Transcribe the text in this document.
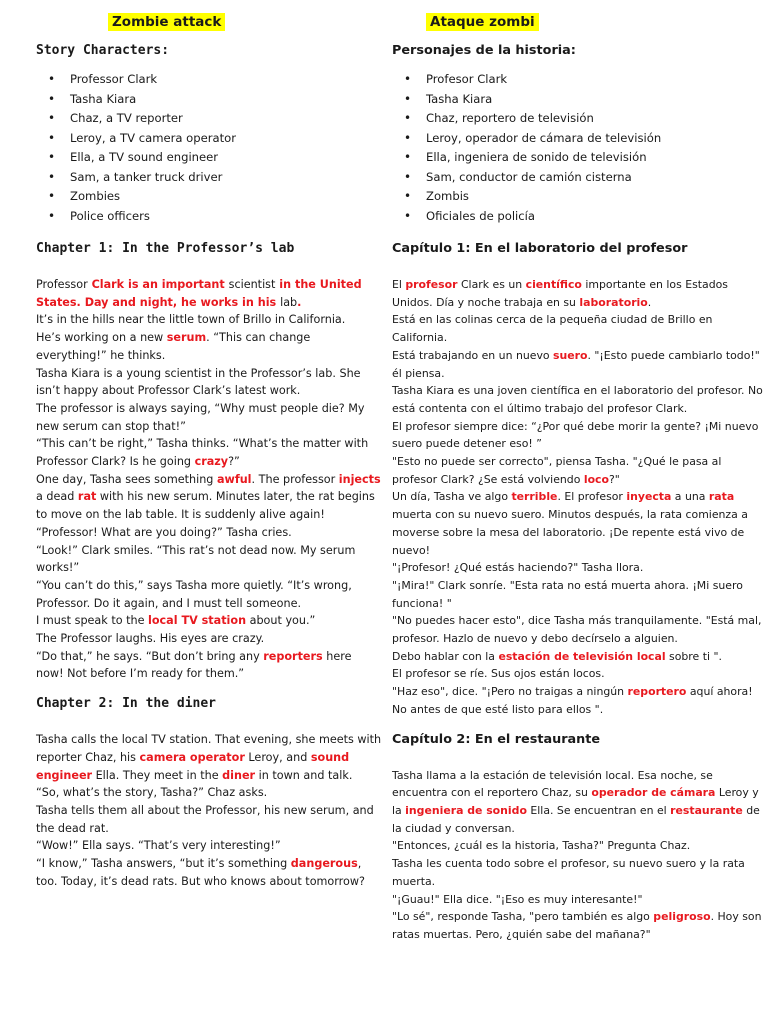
Zombie attack
Story Characters:
• Professor Clark
• Tasha Kiara
• Chaz, a TV reporter
• Leroy, a TV camera operator
• Ella, a TV sound engineer
• Sam, a tanker truck driver
• Zombies
• Police officers
Chapter 1: In the Professor’s lab

Professor Clark is an important scientist in the United States. Day and night, he works in his lab.

It’s in the hills near the little town of Brillo in California.

He’s working on a new serum. “This can change everything!” he thinks.

Tasha Kiara is a young scientist in the Professor’s lab. She isn’t happy about Professor Clark’s latest work.

The professor is always saying, “Why must people die? My new serum can stop that!”

“This can’t be right,” Tasha thinks. “What’s the matter with Professor Clark? Is he going crazy?”

One day, Tasha sees something awful. The professor injects a dead rat with his new serum. Minutes later, the rat begins to move on the lab table. It is suddenly alive again!

“Professor! What are you doing?” Tasha cries.

“Look!” Clark smiles. “This rat’s not dead now. My serum works!”

“You can’t do this,” says Tasha more quietly. “It’s wrong, Professor. Do it again, and I must tell someone.

I must speak to the local TV station about you.”

The Professor laughs. His eyes are crazy.

“Do that,” he says. “But don’t bring any reporters here now! Not before I’m ready for them.”

Chapter 2: In the diner

Tasha calls the local TV station. That evening, she meets with reporter Chaz, his camera operator Leroy, and sound engineer Ella. They meet in the diner in town and talk.

“So, what’s the story, Tasha?” Chaz asks.

Tasha tells them all about the Professor, his new serum, and the dead rat.

“Wow!” Ella says. “That’s very interesting!”

“I know,” Tasha answers, “but it’s something dangerous, too. Today, it’s dead rats. But who knows about tomorrow?

Ataque zombi
Personajes de la historia:
• Profesor Clark
• Tasha Kiara
• Chaz, reportero de televisión
• Leroy, operador de cámara de televisión
• Ella, ingeniera de sonido de televisión
• Sam, conductor de camión cisterna
• Zombis
• Oficiales de policía
Capítulo 1: En el laboratorio del profesor

El profesor Clark es un científico importante en los Estados Unidos. Día y noche trabaja en su laboratorio.

Está en las colinas cerca de la pequeña ciudad de Brillo en California.

Está trabajando en un nuevo suero. "¡Esto puede cambiarlo todo!" él piensa.

Tasha Kiara es una joven científica en el laboratorio del profesor. No está contenta con el último trabajo del profesor Clark.

El profesor siempre dice: “¿Por qué debe morir la gente? ¡Mi nuevo suero puede detener eso! ”

"Esto no puede ser correcto", piensa Tasha. "¿Qué le pasa al profesor Clark? ¿Se está volviendo loco?"

Un día, Tasha ve algo terrible. El profesor inyecta a una rata muerta con su nuevo suero. Minutos después, la rata comienza a moverse sobre la mesa del laboratorio. ¡De repente está vivo de nuevo!

"¡Profesor! ¿Qué estás haciendo?" Tasha llora.

"¡Mira!" Clark sonríe. "Esta rata no está muerta ahora. ¡Mi suero funciona! "

"No puedes hacer esto", dice Tasha más tranquilamente. "Está mal, profesor. Hazlo de nuevo y debo decírselo a alguien.

Debo hablar con la estación de televisión local sobre ti ".

El profesor se ríe. Sus ojos están locos.

"Haz eso", dice. "¡Pero no traigas a ningún reportero aquí ahora! No antes de que esté listo para ellos ".

Capítulo 2: En el restaurante

Tasha llama a la estación de televisión local. Esa noche, se encuentra con el reportero Chaz, su operador de cámara Leroy y la ingeniera de sonido Ella. Se encuentran en el restaurante de la ciudad y conversan.

"Entonces, ¿cuál es la historia, Tasha?" Pregunta Chaz.

Tasha les cuenta todo sobre el profesor, su nuevo suero y la rata muerta.

"¡Guau!" Ella dice. "¡Eso es muy interesante!"

"Lo sé", responde Tasha, "pero también es algo peligroso. Hoy son ratas muertas. Pero, ¿quién sabe del mañana?"
